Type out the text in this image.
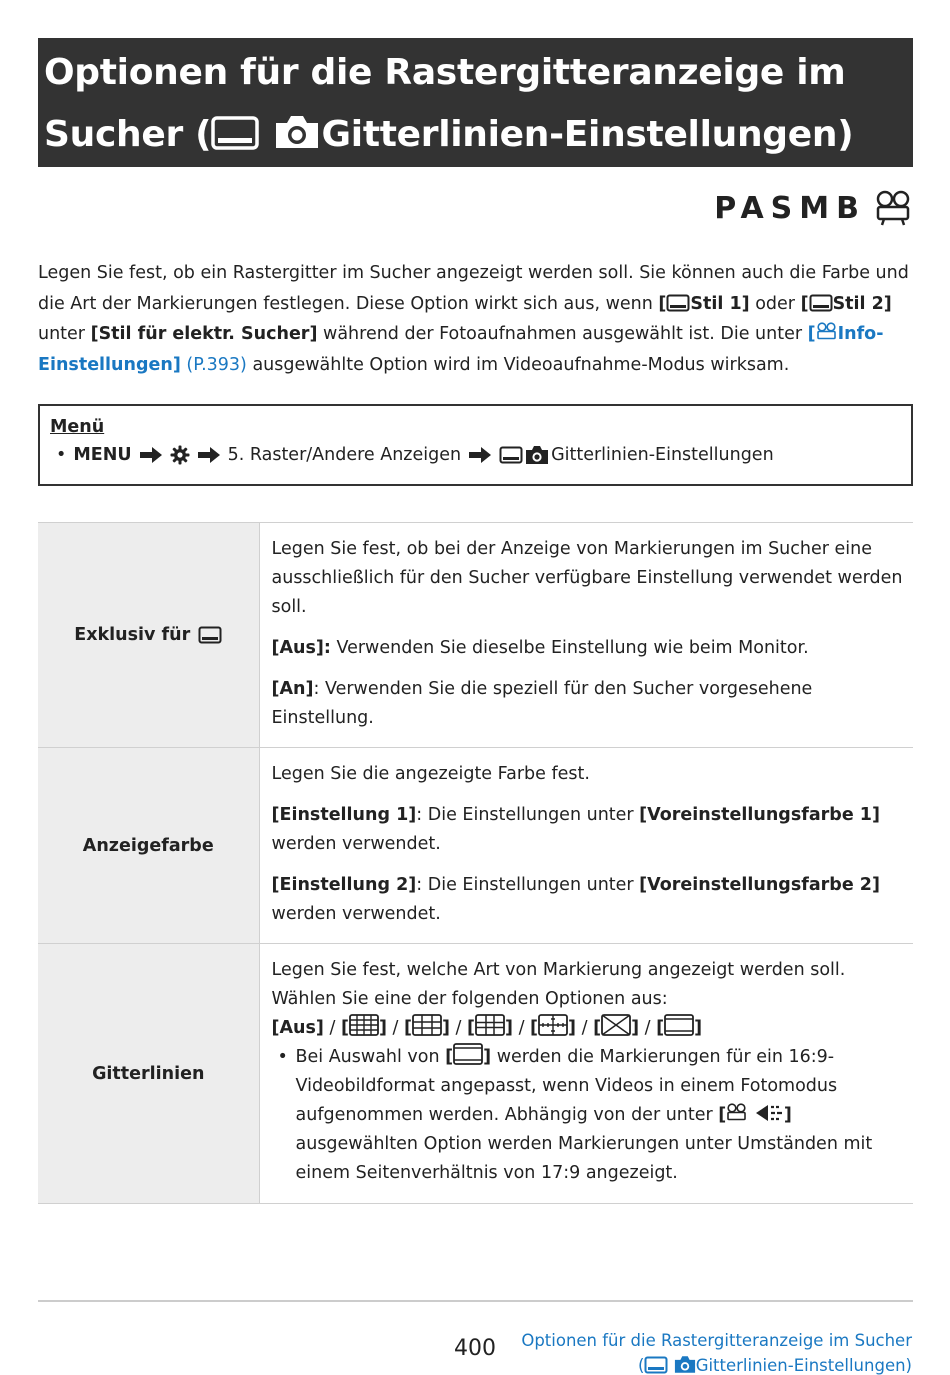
Optionen für die Rastergitteranzeige im
Sucher (	Gitterlinien-Einstellungen)
PASMB
Legen Sie fest, ob ein Rastergitter im Sucher angezeigt werden soll. Sie können auch die Farbe und die Art der Markierungen festlegen. Diese Option wirkt sich aus, wenn [ Stil 1] oder [ Stil 2] unter [Stil für elektr. Sucher] während der Fotoaufnahmen ausgewählt ist. Die unter [ Info-Einstellungen] (P.393) ausgewählte Option wird im Videoaufnahme-Modus wirksam.
Menü
• MENU	5. Raster/Andere Anzeigen	Gitterlinien-Einstellungen
Exklusiv für	Legen Sie fest, ob bei der Anzeige von Markierungen im Sucher eine ausschließlich für den Sucher verfügbare Einstellung verwendet werden soll.

[Aus]: Verwenden Sie dieselbe Einstellung wie beim Monitor.

[An]: Verwenden Sie die speziell für den Sucher vorgesehene Einstellung.

Anzeigefarbe	Legen Sie die angezeigte Farbe fest.

[Einstellung 1]: Die Einstellungen unter [Voreinstellungsfarbe 1] werden verwendet.

[Einstellung 2]: Die Einstellungen unter [Voreinstellungsfarbe 2] werden verwendet.

Gitterlinien	Legen Sie fest, welche Art von Markierung angezeigt werden soll. Wählen Sie eine der folgenden Optionen aus:

[Aus] / [ ] / [ ] / [ ] / [ ] / [ ] / [ ]

• Bei Auswahl von [ ] werden die Markierungen für ein 16:9-Videobildformat angepasst, wenn Videos in einem Fotomodus aufgenommen werden. Abhängig von der unter [ ] ausgewählten Option werden Markierungen unter Umständen mit einem Seitenverhältnis von 17:9 angezeigt.
400	Optionen für die Rastergitteranzeige im Sucher
(	Gitterlinien-Einstellungen)
